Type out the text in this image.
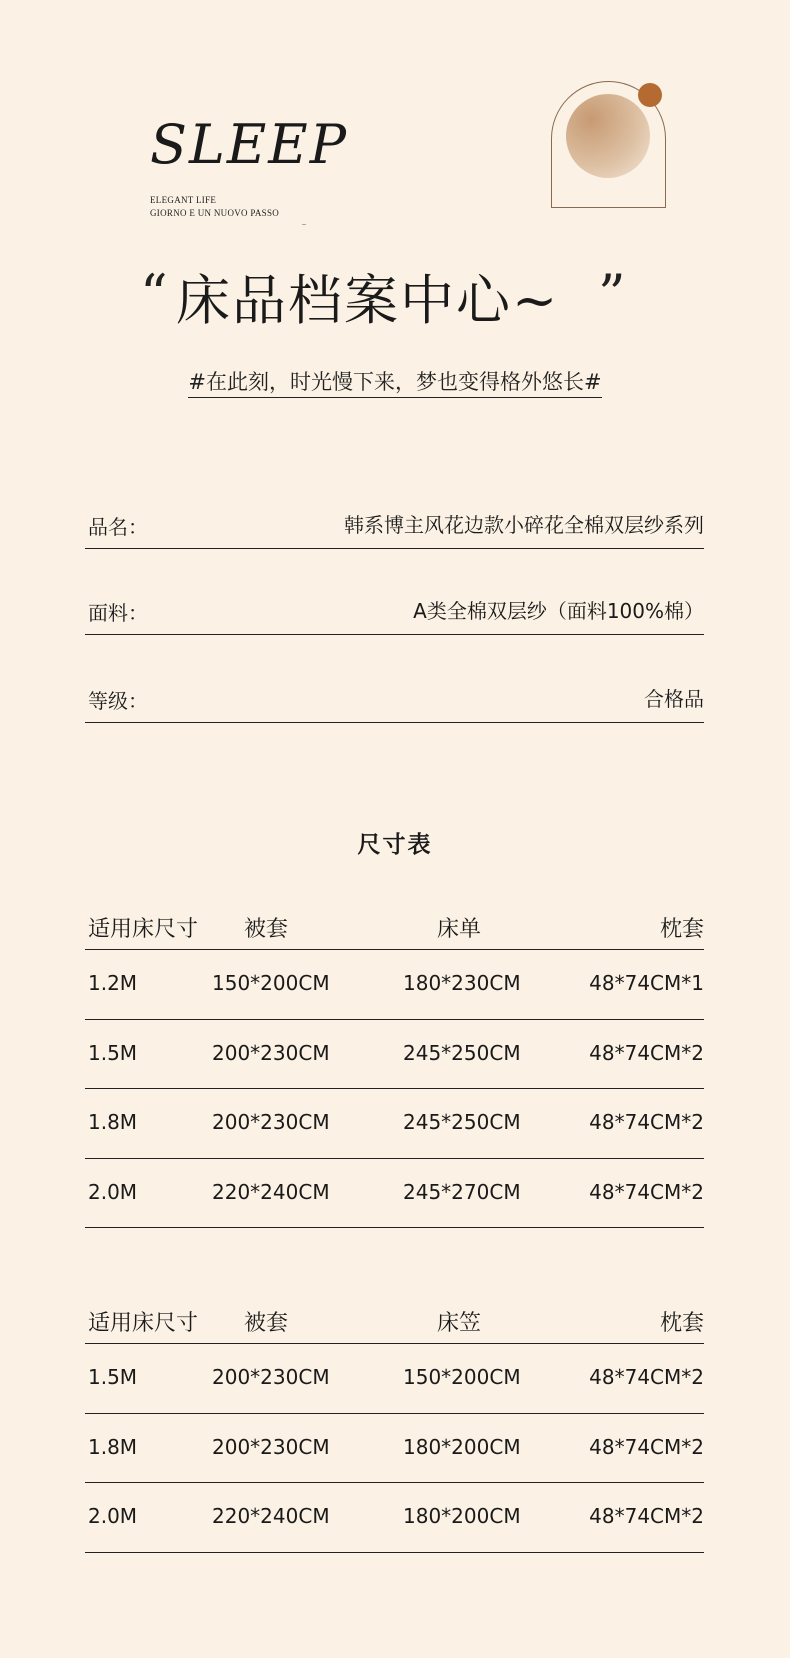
SLEEP
ELEGANT LIFE
GIORNO E UN NUOVO PASSO
..
“ 床品档案中心~ ”
#在此刻，时光慢下来，梦也变得格外悠长#
品名：	韩系博主风花边款小碎花全棉双层纱系列
面料：	A类全棉双层纱（面料100%棉）
等级：	合格品
尺寸表
适用床尺寸 被套	床单	枕套
1.2M	150*200CM	180*230CM	48*74CM*1
1.5M	200*230CM	245*250CM	48*74CM*2
1.8M	200*230CM	245*250CM	48*74CM*2
2.0M	220*240CM	245*270CM	48*74CM*2
适用床尺寸 被套	床笠	枕套
1.5M	200*230CM	150*200CM	48*74CM*2
1.8M	200*230CM	180*200CM	48*74CM*2
2.0M	220*240CM	180*200CM	48*74CM*2
